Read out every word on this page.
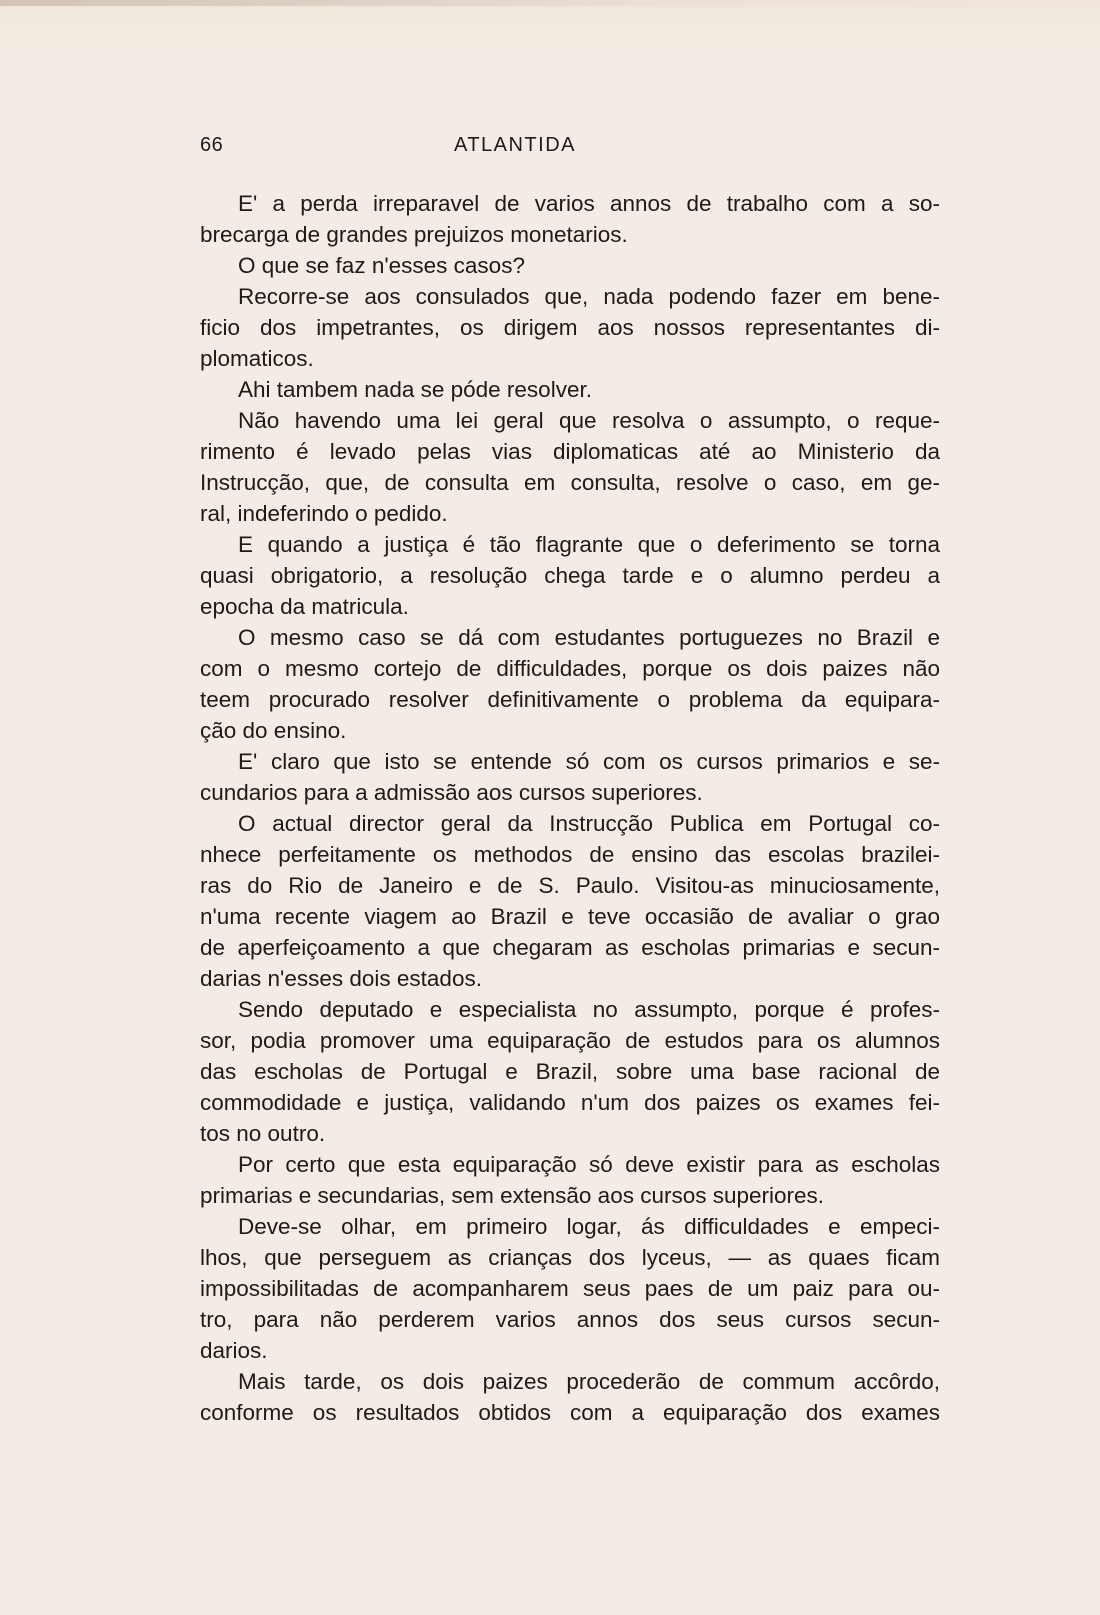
66	ATLANTIDA
E' a perda irreparavel de varios annos de trabalho com a so-
brecarga de grandes prejuizos monetarios.
O que se faz n'esses casos?
Recorre-se aos consulados que, nada podendo fazer em bene-
ficio dos impetrantes, os dirigem aos nossos representantes di-
plomaticos.
Ahi tambem nada se póde resolver.
Não havendo uma lei geral que resolva o assumpto, o reque-
rimento é levado pelas vias diplomaticas até ao Ministerio da
Instrucção, que, de consulta em consulta, resolve o caso, em ge-
ral, indeferindo o pedido.
E quando a justiça é tão flagrante que o deferimento se torna
quasi obrigatorio, a resolução chega tarde e o alumno perdeu a
epocha da matricula.
O mesmo caso se dá com estudantes portuguezes no Brazil e
com o mesmo cortejo de difficuldades, porque os dois paizes não
teem procurado resolver definitivamente o problema da equipara-
ção do ensino.
E' claro que isto se entende só com os cursos primarios e se-
cundarios para a admissão aos cursos superiores.
O actual director geral da Instrucção Publica em Portugal co-
nhece perfeitamente os methodos de ensino das escolas brazilei-
ras do Rio de Janeiro e de S. Paulo. Visitou-as minuciosamente,
n'uma recente viagem ao Brazil e teve occasião de avaliar o grao
de aperfeiçoamento a que chegaram as escholas primarias e secun-
darias n'esses dois estados.
Sendo deputado e especialista no assumpto, porque é profes-
sor, podia promover uma equiparação de estudos para os alumnos
das escholas de Portugal e Brazil, sobre uma base racional de
commodidade e justiça, validando n'um dos paizes os exames fei-
tos no outro.
Por certo que esta equiparação só deve existir para as escholas
primarias e secundarias, sem extensão aos cursos superiores.
Deve-se olhar, em primeiro logar, ás difficuldades e empeci-
lhos, que perseguem as crianças dos lyceus, — as quaes ficam
impossibilitadas de acompanharem seus paes de um paiz para ou-
tro, para não perderem varios annos dos seus cursos secun-
darios.
Mais tarde, os dois paizes procederão de commum accôrdo,
conforme os resultados obtidos com a equiparação dos exames
